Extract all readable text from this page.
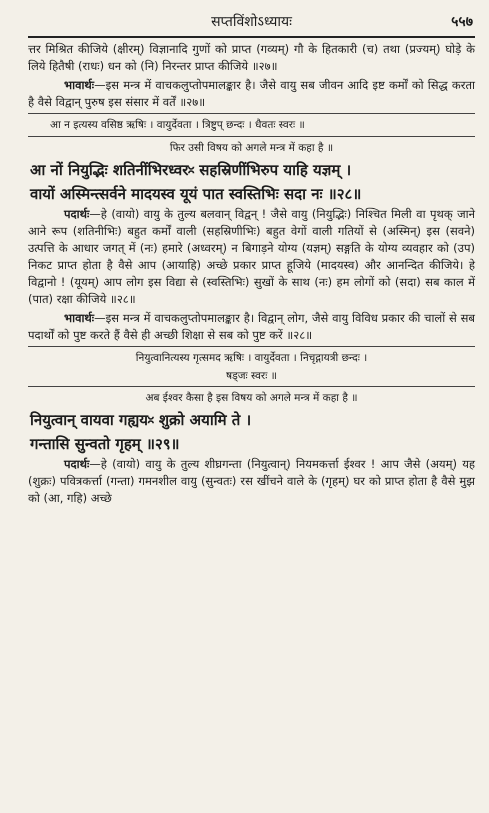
सप्तविंशोऽध्यायः	५५७

त्तर मिश्रित कीजिये (क्षीरम्) विज्ञानादि गुणों को प्राप्त (गव्यम्) गौ के हितकारी (च) तथा (प्रज्यम्) घोड़े के लिये हितैषी (राधः) धन को (नि) निरन्तर प्राप्त कीजिये ॥२७॥

भावार्थः—इस मन्त्र में वाचकलुप्तोपमालङ्कार है। जैसे वायु सब जीवन आदि इष्ट कर्मों को सिद्ध करता है वैसे विद्वान् पुरुष इस संसार में वर्तें ॥२७॥

आ न इत्यस्य वसिष्ठ ऋषिः । वायुर्देवता । त्रिष्टुप् छन्दः । धैवतः स्वरः ॥
फिर उसी विषय को अगले मन्त्र में कहा है ॥
आ नों नियुद्भिः शतिनींभिरध्वरᳲ सहस्रिणींभिरुप याहि यज्ञम् ।
वायों अस्मिन्त्सर्वने मादयस्व यूयं पात स्वस्तिभिः सदा नः ॥२८॥

पदार्थः—हे (वायो) वायु के तुल्य बलवान् विद्वन् ! जैसे वायु (नियुद्भिः) निश्चित मिली वा पृथक् जाने आने रूप (शतिनीभिः) बहुत कर्मों वाली (सहस्रिणीभिः) बहुत वेगों वाली गतियों से (अस्मिन्) इस (सवने) उत्पत्ति के आधार जगत् में (नः) हमारे (अध्वरम्) न बिगाड़ने योग्य (यज्ञम्) सङ्गति के योग्य व्यवहार को (उप) निकट प्राप्त होता है वैसे आप (आयाहि) अच्छे प्रकार प्राप्त हूजिये (मादयस्व) और आनन्दित कीजिये। हे विद्वानो ! (यूयम्) आप लोग इस विद्या से (स्वस्तिभिः) सुखों के साथ (नः) हम लोगों को (सदा) सब काल में (पात) रक्षा कीजिये ॥२८॥

भावार्थः—इस मन्त्र में वाचकलुप्तोपमालङ्कार है। विद्वान् लोग, जैसे वायु विविध प्रकार की चालों से सब पदार्थों को पुष्ट करते हैं वैसे ही अच्छी शिक्षा से सब को पुष्ट करें ॥२८॥

नियुत्वानित्यस्य गृत्समद ऋषिः । वायुर्देवता । निचृद्गायत्री छन्दः ।
षड्जः स्वरः ॥
अब ईश्वर कैसा है इस विषय को अगले मन्त्र में कहा है ॥
नियुत्वान् वायवा गह्ययᳲ शुक्रो अयामि ते ।
गन्तासि सुन्वतो गृहम् ॥२९॥

पदार्थः—हे (वायो) वायु के तुल्य शीघ्रगन्ता (नियुत्वान्) नियमकर्त्ता ईश्वर ! आप जैसे (अयम्) यह (शुक्रः) पवित्रकर्त्ता (गन्ता) गमनशील वायु (सुन्वतः) रस खींचने वाले के (गृहम्) घर को प्राप्त होता है वैसे मुझ को (आ, गहि) अच्छे
